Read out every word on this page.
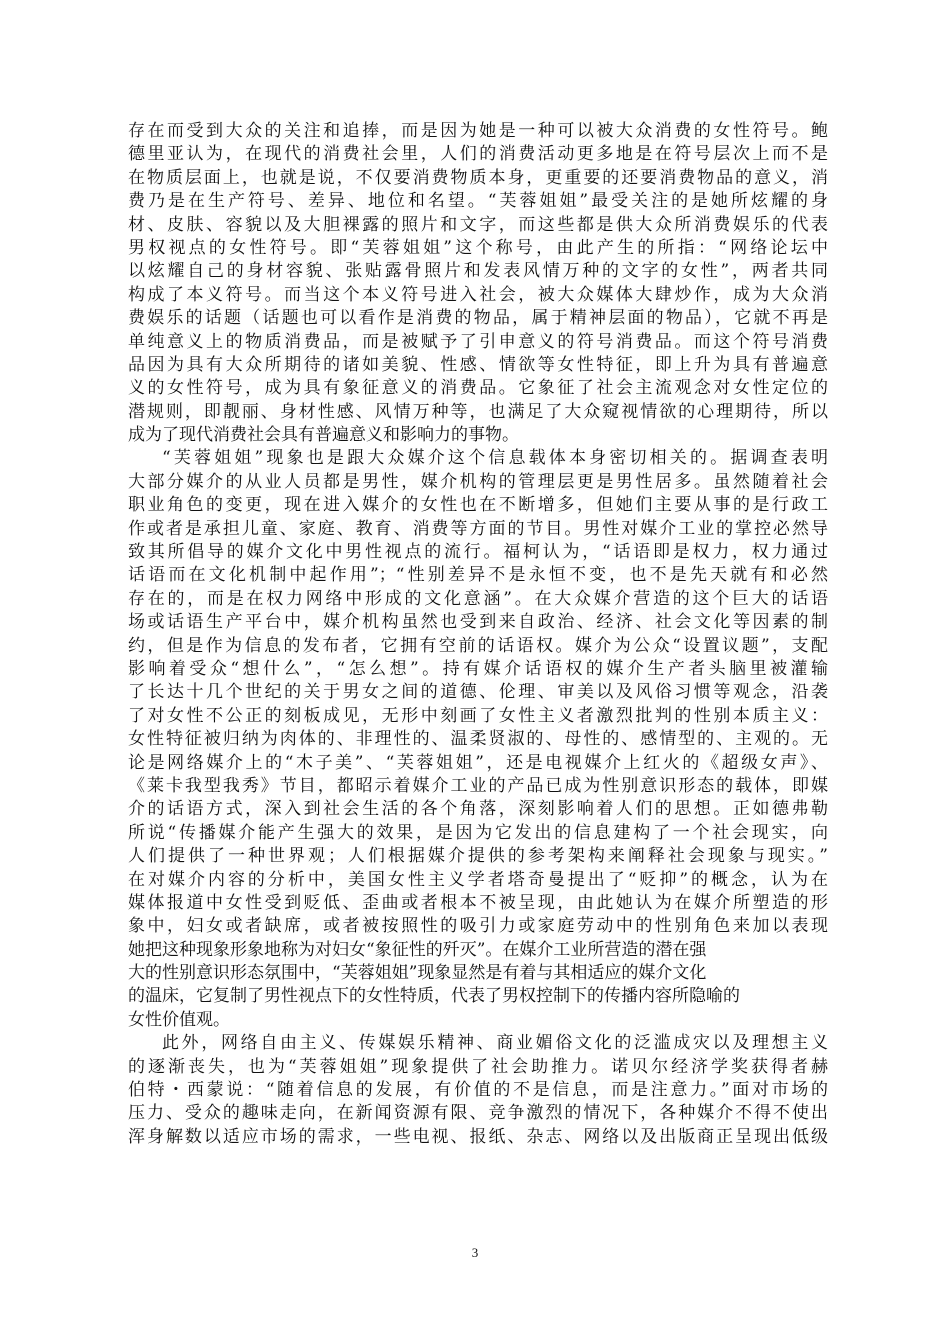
存在而受到大众的关注和追捧，而是因为她是一种可以被大众消费的女性符号。鲍
德里亚认为，在现代的消费社会里，人们的消费活动更多地是在符号层次上而不是
在物质层面上，也就是说，不仅要消费物质本身，更重要的还要消费物品的意义，消
费乃是在生产符号、差异、地位和名望。“芙蓉姐姐”最受关注的是她所炫耀的身
材、皮肤、容貌以及大胆裸露的照片和文字，而这些都是供大众所消费娱乐的代表
男权视点的女性符号。即“芙蓉姐姐”这个称号，由此产生的所指：“网络论坛中
以炫耀自己的身材容貌、张贴露骨照片和发表风情万种的文字的女性”，两者共同
构成了本义符号。而当这个本义符号进入社会，被大众媒体大肆炒作，成为大众消
费娱乐的话题（话题也可以看作是消费的物品，属于精神层面的物品），它就不再是
单纯意义上的物质消费品，而是被赋予了引申意义的符号消费品。而这个符号消费
品因为具有大众所期待的诸如美貌、性感、情欲等女性特征，即上升为具有普遍意
义的女性符号，成为具有象征意义的消费品。它象征了社会主流观念对女性定位的
潜规则，即靓丽、身材性感、风情万种等，也满足了大众窥视情欲的心理期待，所以
成为了现代消费社会具有普遍意义和影响力的事物。
“芙蓉姐姐”现象也是跟大众媒介这个信息载体本身密切相关的。据调查表明
大部分媒介的从业人员都是男性，媒介机构的管理层更是男性居多。虽然随着社会
职业角色的变更，现在进入媒介的女性也在不断增多，但她们主要从事的是行政工
作或者是承担儿童、家庭、教育、消费等方面的节目。男性对媒介工业的掌控必然导
致其所倡导的媒介文化中男性视点的流行。福柯认为，“话语即是权力，权力通过
话语而在文化机制中起作用”；“性别差异不是永恒不变，也不是先天就有和必然
存在的，而是在权力网络中形成的文化意涵”。在大众媒介营造的这个巨大的话语
场或话语生产平台中，媒介机构虽然也受到来自政治、经济、社会文化等因素的制
约，但是作为信息的发布者，它拥有空前的话语权。媒介为公众“设置议题”，支配
影响着受众“想什么”，“怎么想”。持有媒介话语权的媒介生产者头脑里被灌输
了长达十几个世纪的关于男女之间的道德、伦理、审美以及风俗习惯等观念，沿袭
了对女性不公正的刻板成见，无形中刻画了女性主义者激烈批判的性别本质主义：
女性特征被归纳为肉体的、非理性的、温柔贤淑的、母性的、感情型的、主观的。无
论是网络媒介上的“木子美”、“芙蓉姐姐”，还是电视媒介上红火的《超级女声》、
《莱卡我型我秀》节目，都昭示着媒介工业的产品已成为性别意识形态的载体，即媒
介的话语方式，深入到社会生活的各个角落，深刻影响着人们的思想。正如德弗勒
所说“传播媒介能产生强大的效果，是因为它发出的信息建构了一个社会现实，向
人们提供了一种世界观；人们根据媒介提供的参考架构来阐释社会现象与现实。”
在对媒介内容的分析中，美国女性主义学者塔奇曼提出了“贬抑”的概念，认为在
媒体报道中女性受到贬低、歪曲或者根本不被呈现，由此她认为在媒介所塑造的形
象中，妇女或者缺席，或者被按照性的吸引力或家庭劳动中的性别角色来加以表现
她把这种现象形象地称为对妇女“象征性的歼灭”。在媒介工业所营造的潜在强
大的性别意识形态氛围中，“芙蓉姐姐”现象显然是有着与其相适应的媒介文化
的温床，它复制了男性视点下的女性特质，代表了男权控制下的传播内容所隐喻的
女性价值观。
此外，网络自由主义、传媒娱乐精神、商业媚俗文化的泛滥成灾以及理想主义
的逐渐丧失，也为“芙蓉姐姐”现象提供了社会助推力。诺贝尔经济学奖获得者赫
伯特・西蒙说：“随着信息的发展，有价值的不是信息，而是注意力。”面对市场的
压力、受众的趣味走向，在新闻资源有限、竞争激烈的情况下，各种媒介不得不使出
浑身解数以适应市场的需求，一些电视、报纸、杂志、网络以及出版商正呈现出低级
3
